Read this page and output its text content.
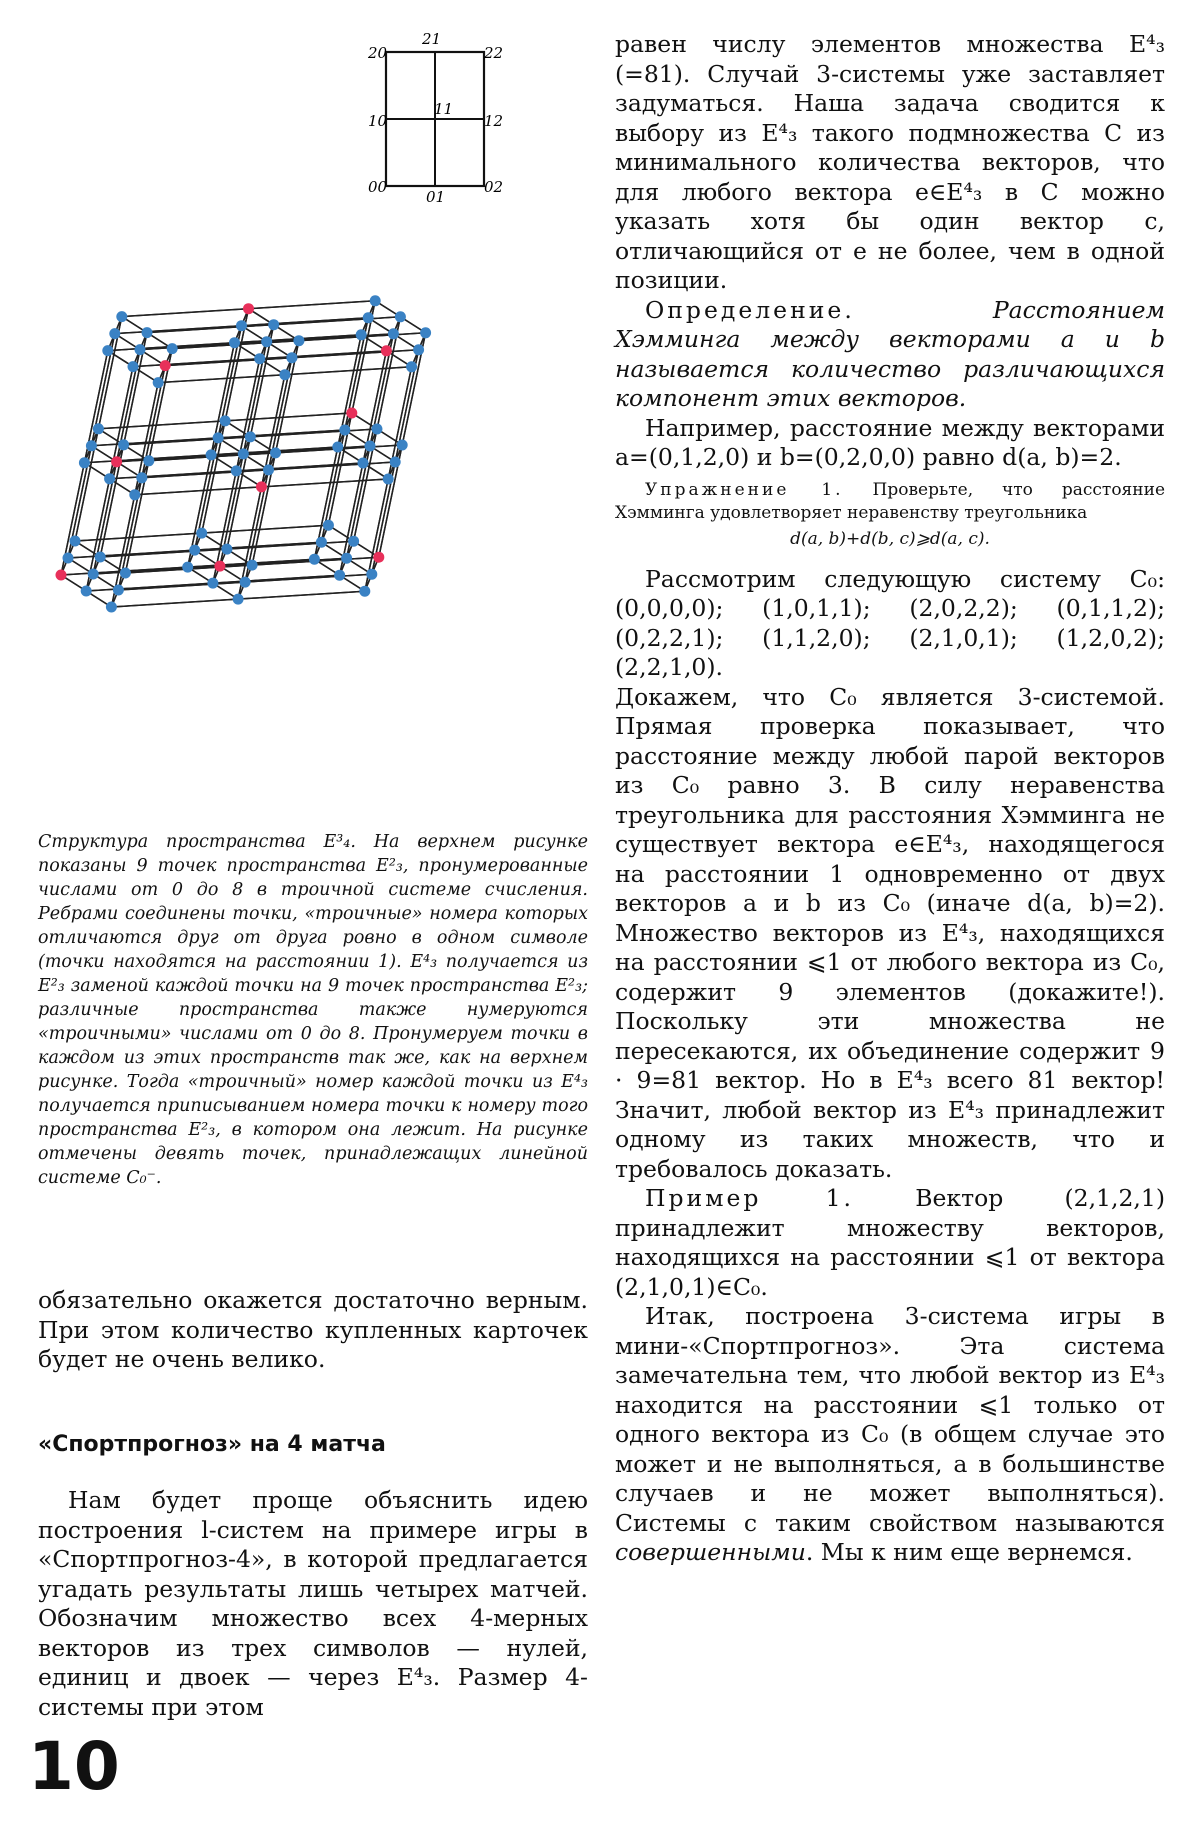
20
21
22
10
11
12
00
01
02
Структура пространства E³₄. На верхнем рисунке показаны 9 точек пространства E²₃, пронумерованные числами от 0 до 8 в троичной системе счисления. Ребрами соединены точки, «троичные» номера которых отличаются друг от друга ровно в одном символе (точки находятся на расстоянии 1). E⁴₃ получается из E²₃ заменой каждой точки на 9 точек пространства E²₃; различные пространства также нумеруются «троичными» числами от 0 до 8. Пронумеруем точки в каждом из этих пространств так же, как на верхнем рисунке. Тогда «троичный» номер каждой точки из E⁴₃ получается приписыванием номера точки к номеру того пространства E²₃, в котором она лежит. На рисунке отмечены девять точек, принадлежащих линейной системе C₀⁻.

обязательно окажется достаточно верным. При этом количество купленных карточек будет не очень велико.

«Спортпрогноз» на 4 матча

Нам будет проще объяснить идею построения l-систем на примере игры в «Спортпрогноз-4», в которой предлагается угадать результаты лишь четырех матчей. Обозначим множество всех 4-мерных векторов из трех символов — нулей, единиц и двоек — через E⁴₃. Размер 4-системы при этом

равен числу элементов множества E⁴₃ (=81). Случай 3-системы уже заставляет задуматься. Наша задача сводится к выбору из E⁴₃ такого подмножества C из минимального количества векторов, что для любого вектора e∈E⁴₃ в C можно указать хотя бы один вектор c, отличающийся от e не более, чем в одной позиции.

Определение.	Расстоянием Хэмминга между векторами a и b называется количество различающихся компонент этих векторов.

Например, расстояние между векторами a=(0,1,2,0) и b=(0,2,0,0) равно d(a, b)=2.

Упражнение 1. Проверьте, что расстояние Хэмминга удовлетворяет неравенству треугольника

d(a, b)+d(b, c)⩾d(a, c).

Рассмотрим следующую систему C₀: (0,0,0,0); (1,0,1,1); (2,0,2,2); (0,1,1,2); (0,2,2,1); (1,1,2,0); (2,1,0,1); (1,2,0,2); (2,2,1,0).

Докажем, что C₀ является 3-системой. Прямая проверка показывает, что расстояние между любой парой векторов из C₀ равно 3. В силу неравенства треугольника для расстояния Хэмминга не существует вектора e∈E⁴₃, находящегося на расстоянии 1 одновременно от двух векторов a и b из C₀ (иначе d(a, b)=2). Множество векторов из E⁴₃, находящихся на расстоянии ⩽1 от любого вектора из C₀, содержит 9 элементов (докажите!). Поскольку эти множества не пересекаются, их объединение содержит 9 · 9=81 вектор. Но в E⁴₃ всего 81 вектор! Значит, любой вектор из E⁴₃ принадлежит одному из таких множеств, что и требовалось доказать.

Пример 1.	Вектор (2,1,2,1) принадлежит множеству векторов, находящихся на расстоянии ⩽1 от вектора (2,1,0,1)∈C₀.

Итак, построена 3-система игры в мини-«Спортпрогноз». Эта система замечательна тем, что любой вектор из E⁴₃ находится на расстоянии ⩽1 только от одного вектора из C₀ (в общем случае это может и не выполняться, а в большинстве случаев и не может выполняться). Системы с таким свойством называются совершенными. Мы к ним еще вернемся.

10
